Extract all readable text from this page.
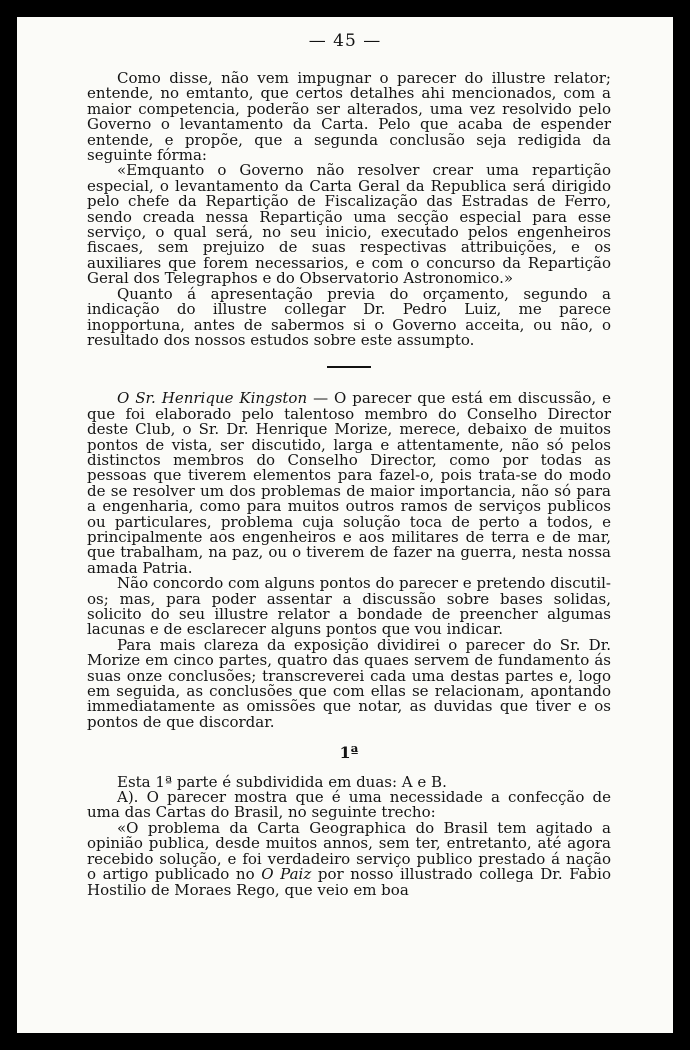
— 45 —

Como disse, não vem impugnar o parecer do illustre relator; entende, no emtanto, que certos detalhes ahi mencionados, com a maior competencia, poderão ser alterados, uma vez resolvido pelo Governo o levantamento da Carta. Pelo que acaba de espender entende, e propõe, que a segunda conclusão seja redigida da seguinte fórma:

«Emquanto o Governo não resolver crear uma repartição especial, o levantamento da Carta Geral da Republica será dirigido pelo chefe da Repartição de Fiscalização das Estradas de Ferro, sendo creada nessa Repartição uma secção especial para esse serviço, o qual será, no seu inicio, executado pelos engenheiros fiscaes, sem prejuizo de suas respectivas attribuições, e os auxiliares que forem necessarios, e com o concurso da Repartição Geral dos Telegraphos e do Observatorio Astronomico.»

Quanto á apresentação previa do orçamento, segundo a indicação do illustre collegar Dr. Pedro Luiz, me parece inopportuna, antes de sabermos si o Governo acceita, ou não, o resultado dos nossos estudos sobre este assumpto.

O Sr. Henrique Kingston — O parecer que está em discussão, e que foi elaborado pelo talentoso membro do Conselho Director deste Club, o Sr. Dr. Henrique Morize, merece, debaixo de muitos pontos de vista, ser discutido, larga e attentamente, não só pelos distinctos membros do Conselho Director, como por todas as pessoas que tiverem elementos para fazel-o, pois trata-se do modo de se resolver um dos problemas de maior importancia, não só para a engenharia, como para muitos outros ramos de serviços publicos ou particulares, problema cuja solução toca de perto a todos, e principalmente aos engenheiros e aos militares de terra e de mar, que trabalham, na paz, ou o tiverem de fazer na guerra, nesta nossa amada Patria.

Não concordo com alguns pontos do parecer e pretendo discutil-os; mas, para poder assentar a discussão sobre bases solidas, solicito do seu illustre relator a bondade de preencher algumas lacunas e de esclarecer alguns pontos que vou indicar.

Para mais clareza da exposição dividirei o parecer do Sr. Dr. Morize em cinco partes, quatro das quaes servem de fundamento ás suas onze conclusões; transcreverei cada uma destas partes e, logo em seguida, as conclusões que com ellas se relacionam, apontando immediatamente as omissões que notar, as duvidas que tiver e os pontos de que discordar.

1ª

Esta 1ª parte é subdividida em duas: A e B.

A). O parecer mostra que é uma necessidade a confecção de uma das Cartas do Brasil, no seguinte trecho:

«O problema da Carta Geographica do Brasil tem agitado a opinião publica, desde muitos annos, sem ter, entretanto, até agora recebido solução, e foi verdadeiro serviço publico prestado á nação o artigo publicado no O Paiz por nosso illustrado collega Dr. Fabio Hostilio de Moraes Rego, que veio em boa
